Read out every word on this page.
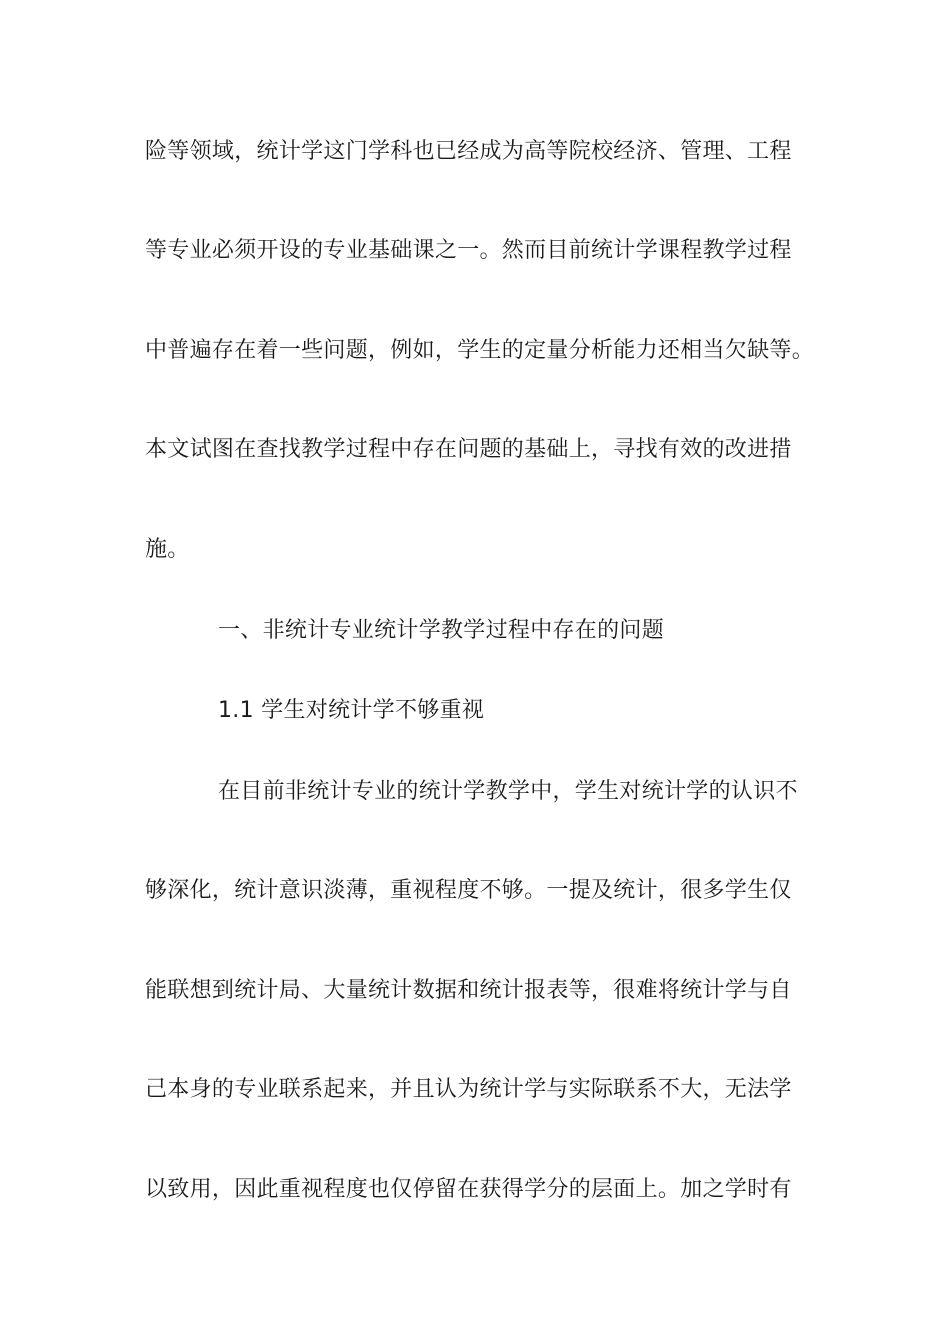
险等领域，统计学这门学科也已经成为高等院校经济、管理、工程
等专业必须开设的专业基础课之一。然而目前统计学课程教学过程
中普遍存在着一些问题，例如，学生的定量分析能力还相当欠缺等。
本文试图在查找教学过程中存在问题的基础上，寻找有效的改进措
施。
一、非统计专业统计学教学过程中存在的问题
1.1 学生对统计学不够重视
在目前非统计专业的统计学教学中，学生对统计学的认识不
够深化，统计意识淡薄，重视程度不够。一提及统计，很多学生仅
能联想到统计局、大量统计数据和统计报表等，很难将统计学与自
己本身的专业联系起来，并且认为统计学与实际联系不大，无法学
以致用，因此重视程度也仅停留在获得学分的层面上。加之学时有
